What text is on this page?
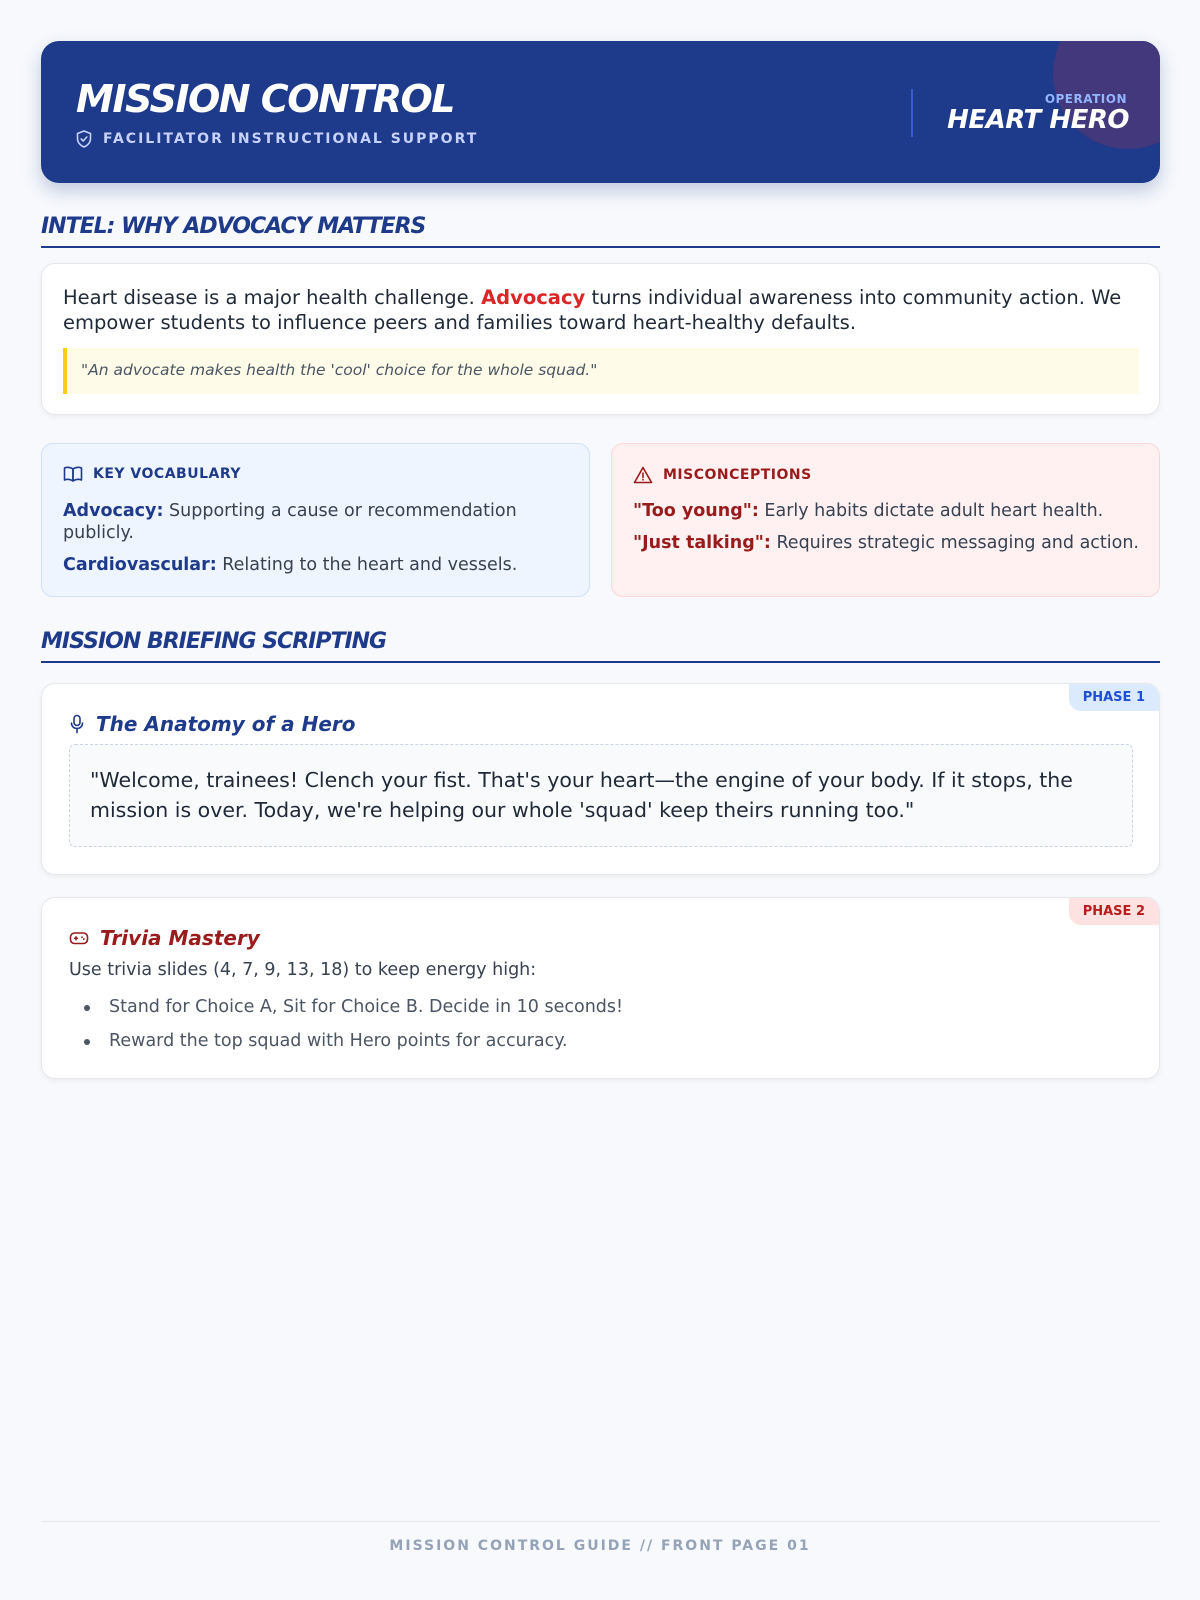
MISSION CONTROL
FACILITATOR INSTRUCTIONAL SUPPORT
OPERATION
HEART HERO
INTEL: WHY ADVOCACY MATTERS
Heart disease is a major health challenge. Advocacy turns individual awareness into community action. We empower students to influence peers and families toward heart-healthy defaults.
"An advocate makes health the 'cool' choice for the whole squad."
KEY VOCABULARY

Advocacy: Supporting a cause or recommendation publicly.

Cardiovascular: Relating to the heart and vessels.

MISCONCEPTIONS

"Too young": Early habits dictate adult heart health.

"Just talking": Requires strategic messaging and action.

MISSION BRIEFING SCRIPTING
PHASE 1
The Anatomy of a Hero
"Welcome, trainees! Clench your fist. That's your heart—the engine of your body. If it stops, the mission is over. Today, we're helping our whole 'squad' keep theirs running too."
PHASE 2
Trivia Mastery
Use trivia slides (4, 7, 9, 13, 18) to keep energy high:
Stand for Choice A, Sit for Choice B. Decide in 10 seconds!
Reward the top squad with Hero points for accuracy.
MISSION CONTROL GUIDE // FRONT PAGE 01
